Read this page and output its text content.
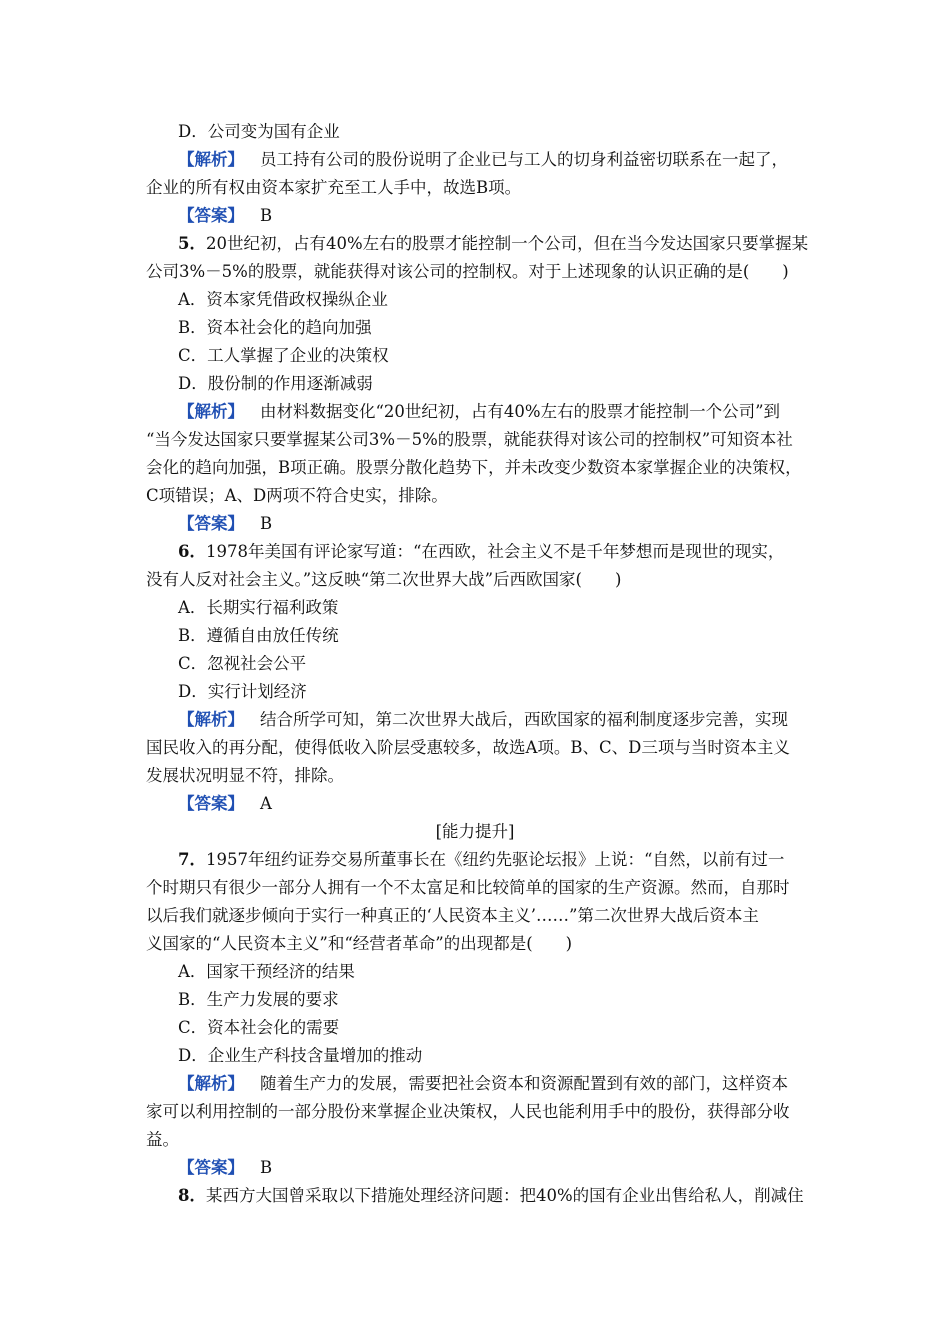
D．公司变为国有企业
【解析】 员工持有公司的股份说明了企业已与工人的切身利益密切联系在一起了，
企业的所有权由资本家扩充至工人手中，故选B项。
【答案】 B
5．20世纪初，占有40%左右的股票才能控制一个公司，但在当今发达国家只要掌握某
公司3%－5%的股票，就能获得对该公司的控制权。对于上述现象的认识正确的是(　　)
A．资本家凭借政权操纵企业
B．资本社会化的趋向加强
C．工人掌握了企业的决策权
D．股份制的作用逐渐减弱
【解析】 由材料数据变化“20世纪初，占有40%左右的股票才能控制一个公司”到
“当今发达国家只要掌握某公司3%－5%的股票，就能获得对该公司的控制权”可知资本社
会化的趋向加强，B项正确。股票分散化趋势下，并未改变少数资本家掌握企业的决策权，
C项错误；A、D两项不符合史实，排除。
【答案】 B
6．1978年美国有评论家写道：“在西欧，社会主义不是千年梦想而是现世的现实，
没有人反对社会主义。”这反映“第二次世界大战”后西欧国家(　　)
A．长期实行福利政策
B．遵循自由放任传统
C．忽视社会公平
D．实行计划经济
【解析】 结合所学可知，第二次世界大战后，西欧国家的福利制度逐步完善，实现
国民收入的再分配，使得低收入阶层受惠较多，故选A项。B、C、D三项与当时资本主义
发展状况明显不符，排除。
【答案】 A
[能力提升]
7．1957年纽约证券交易所董事长在《纽约先驱论坛报》上说：“自然，以前有过一
个时期只有很少一部分人拥有一个不太富足和比较简单的国家的生产资源。然而，自那时
以后我们就逐步倾向于实行一种真正的‘人民资本主义’……”第二次世界大战后资本主
义国家的“人民资本主义”和“经营者革命”的出现都是(　　)
A．国家干预经济的结果
B．生产力发展的要求
C．资本社会化的需要
D．企业生产科技含量增加的推动
【解析】 随着生产力的发展，需要把社会资本和资源配置到有效的部门，这样资本
家可以利用控制的一部分股份来掌握企业决策权，人民也能利用手中的股份，获得部分收
益。
【答案】 B
8．某西方大国曾采取以下措施处理经济问题：把40%的国有企业出售给私人，削减住
